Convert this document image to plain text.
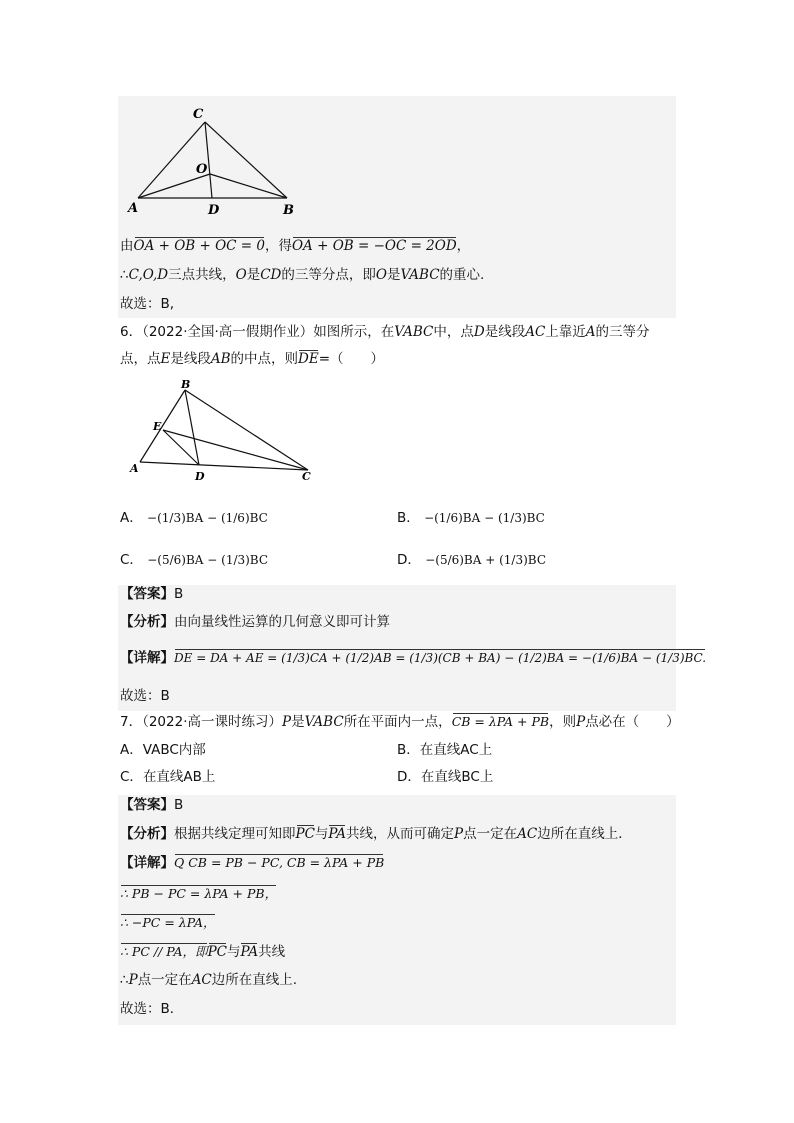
C
O
A	D	B
由OA + OB + OC = 0，得OA + OB = −OC = 2OD，
∴C,O,D三点共线，O是CD的三等分点，即O是VABC的重心.
故选：B,
6．（2022·全国·高一假期作业）如图所示，在VABC中，点D是线段AC上靠近A的三等分
点，点E是线段AB的中点，则DE=（　　）
B
E
A
D	C
A． −(1/3)BA − (1/6)BC	B． −(1/6)BA − (1/3)BC
C． −(5/6)BA − (1/3)BC	D． −(5/6)BA + (1/3)BC
【答案】B
【分析】由向量线性运算的几何意义即可计算
【详解】DE = DA + AE = (1/3)CA + (1/2)AB = (1/3)(CB + BA) − (1/2)BA = −(1/6)BA − (1/3)BC.
故选：B
7．（2022·高一课时练习）P是VABC所在平面内一点，CB = λPA + PB，则P点必在（　　）
A．VABC内部	B．在直线AC上
C．在直线AB上	D．在直线BC上
【答案】B
【分析】根据共线定理可知即PC与PA共线，从而可确定P点一定在AC边所在直线上．
【详解】Q CB = PB − PC, CB = λPA + PB
∴ PB − PC = λPA + PB，
∴ −PC = λPA，
∴ PC // PA，即PC与PA共线
∴P点一定在AC边所在直线上.
故选：B．
